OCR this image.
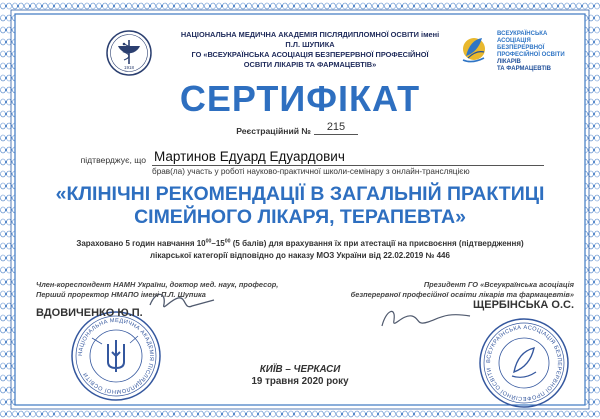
1918
НАЦІОНАЛЬНА МЕДИЧНА АКАДЕМІЯ ПІСЛЯДИПЛОМНОЇ ОСВІТИ
ВСЕУКРАЇНСЬКА АСОЦІАЦІЯ БЕЗПЕРЕРВНОЇ ПРОФЕСІЙНОЇ ОСВІТИ
НАЦІОНАЛЬНА МЕДИЧНА АКАДЕМІЯ ПІСЛЯДИПЛОМНОЇ ОСВІТИ імені П.Л. ШУПИКА
ГО «ВСЕУКРАЇНСЬКА АСОЦІАЦІЯ БЕЗПЕРЕРВНОЇ ПРОФЕСІЙНОЇ ОСВІТИ ЛІКАРІВ ТА ФАРМАЦЕВТІВ»
ВСЕУКРАЇНСЬКА АСОЦІАЦІЯ
БЕЗПЕРЕРВНОЇ
ПРОФЕСІЙНОЇ ОСВІТИ
ЛІКАРІВ
ТА ФАРМАЦЕВТІВ
СЕРТИФІКАТ
Реєстраційний №	215
підтверджує, що Мартинов Едуард Едуардович
брав(ла) участь у роботі науково-практичної школи-семінару з онлайн-трансляцією
«КЛІНІЧНІ РЕКОМЕНДАЦІЇ В ЗАГАЛЬНІЙ ПРАКТИЦІ СІМЕЙНОГО ЛІКАРЯ, ТЕРАПЕВТА»
Зараховано 5 годин навчання $10^{00}-15^{00}$ (5 балів) для врахування їх при атестації на присвоєння (підтвердження)
лікарської категорії відповідно до наказу МОЗ України від 22.02.2019 № 446
Член-кореспондент НАМН України, доктор мед. наук, професор,
Перший проректор НМАПО імені П.Л. Шупика
ВДОВИЧЕНКО Ю.П.
Президент ГО «Всеукраїнська асоціація
безперервної професійної освіти лікарів та фармацевтів»
ЩЕРБІНСЬКА О.С.
КИЇВ – ЧЕРКАСИ
19 травня 2020 року
